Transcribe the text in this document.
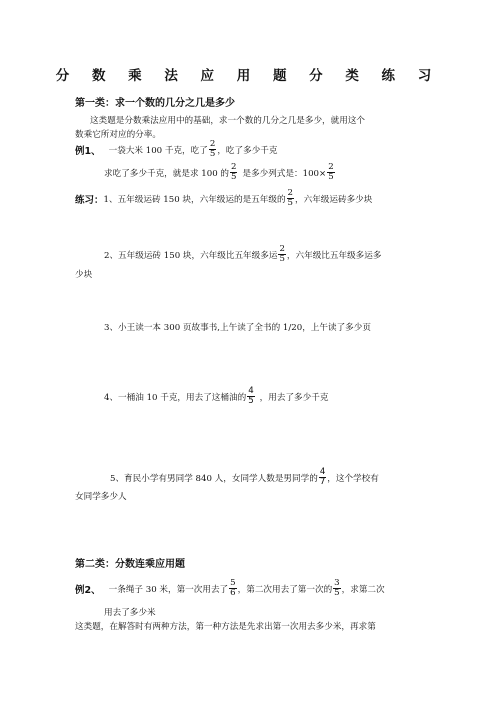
分 数 乘 法 应 用 题 分 类 练 习
第一类：求一个数的几分之几是多少
这类题是分数乘法应用中的基础，求一个数的几分之几是多少，就用这个
数乘它所对应的分率。
例1、 一袋大米 100 千克，吃了 $\frac{2}{5}$ ，吃了多少千克
求吃了多少千克，就是求 100 的 $\frac{2}{5}$ 是多少列式是：$100\times \frac{2}{5}$
练习： 1、五年级运砖 150 块，六年级运的是五年级的 $\frac{2}{5}$ ，六年级运砖多少块
2、五年级运砖 150 块，六年级比五年级多运 $\frac{2}{5}$ ，六年级比五年级多运多
少块
3、小王读一本 300 页故事书,上午读了全书的 1/20，上午读了多少页
4、一桶油 10 千克，用去了这桶油的 $\frac{4}{5}$ ，用去了多少千克
5、育民小学有男同学 840 人，女同学人数是男同学的 $\frac{4}{7}$ ，这个学校有
女同学多少人
第二类：分数连乘应用题
例2、 一条绳子 30 米，第一次用去了 $\frac{5}{6}$ ，第二次用去了第一次的 $\frac{3}{5}$ ，求第二次
用去了多少米
这类题，在解答时有两种方法，第一种方法是先求出第一次用去多少米，再求第
